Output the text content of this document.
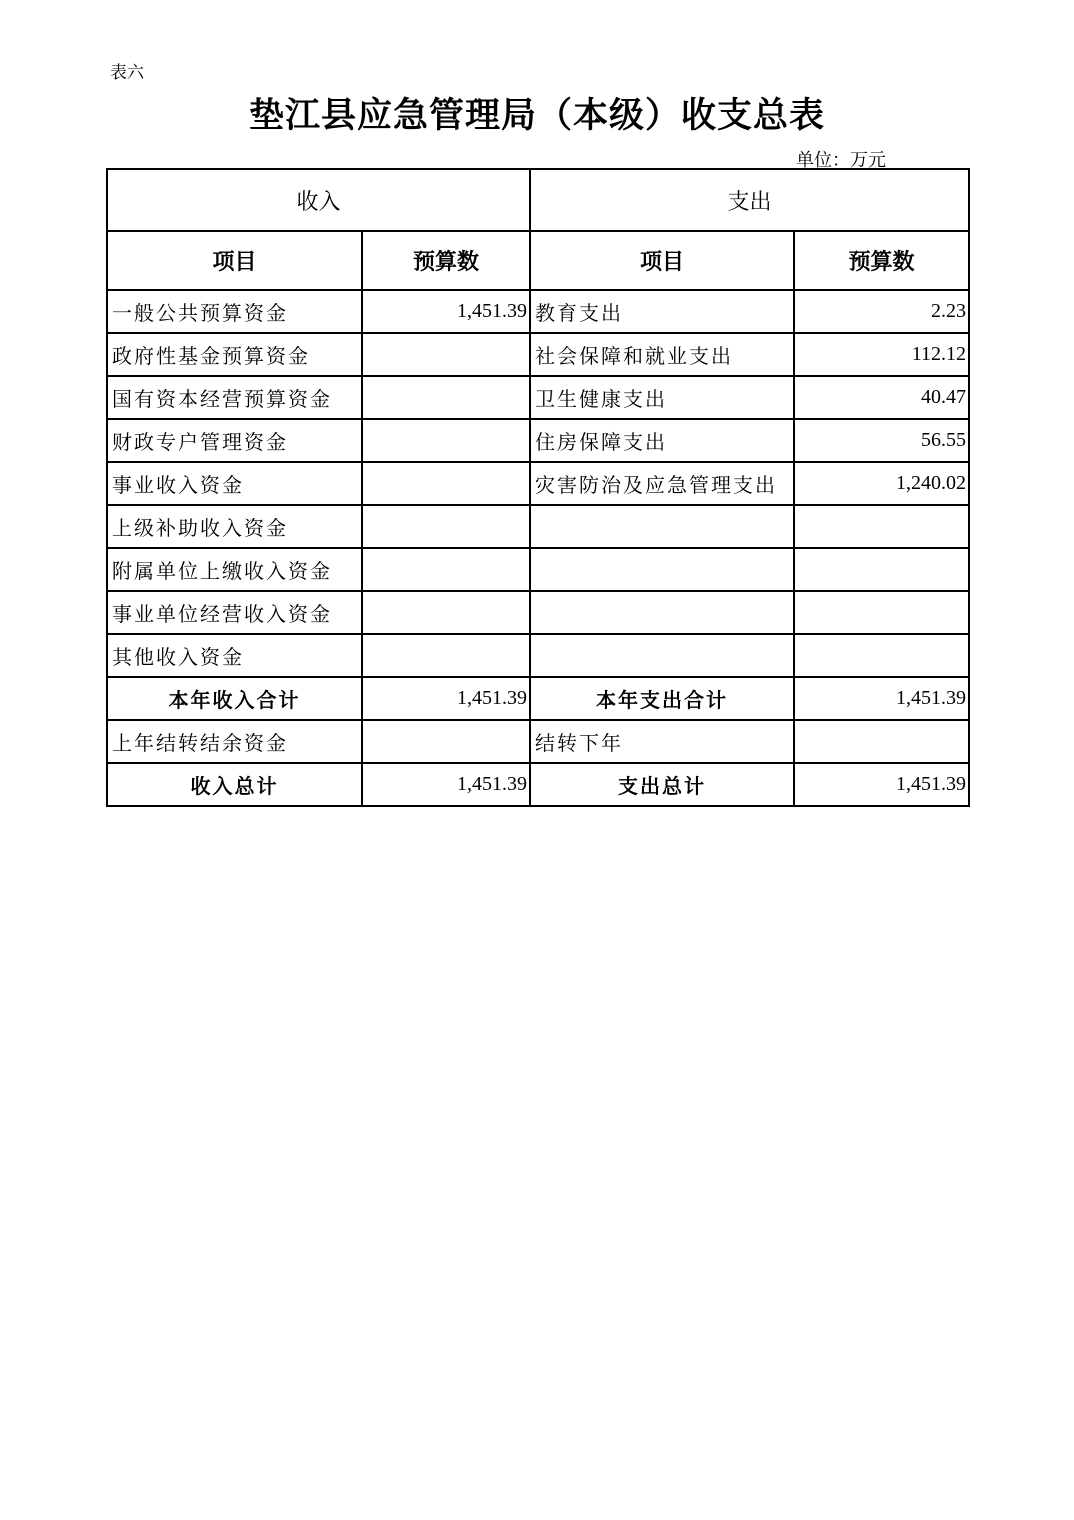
表六
垫江县应急管理局（本级）收支总表
单位：万元
收入		支出	
项目	预算数	项目	预算数
一般公共预算资金	1,451.39	教育支出	2.23
政府性基金预算资金		社会保障和就业支出	112.12
国有资本经营预算资金		卫生健康支出	40.47
财政专户管理资金		住房保障支出	56.55
事业收入资金		灾害防治及应急管理支出	1,240.02
上级补助收入资金			
附属单位上缴收入资金			
事业单位经营收入资金			
其他收入资金			
本年收入合计	1,451.39	本年支出合计	1,451.39
上年结转结余资金		结转下年	
收入总计	1,451.39	支出总计	1,451.39
